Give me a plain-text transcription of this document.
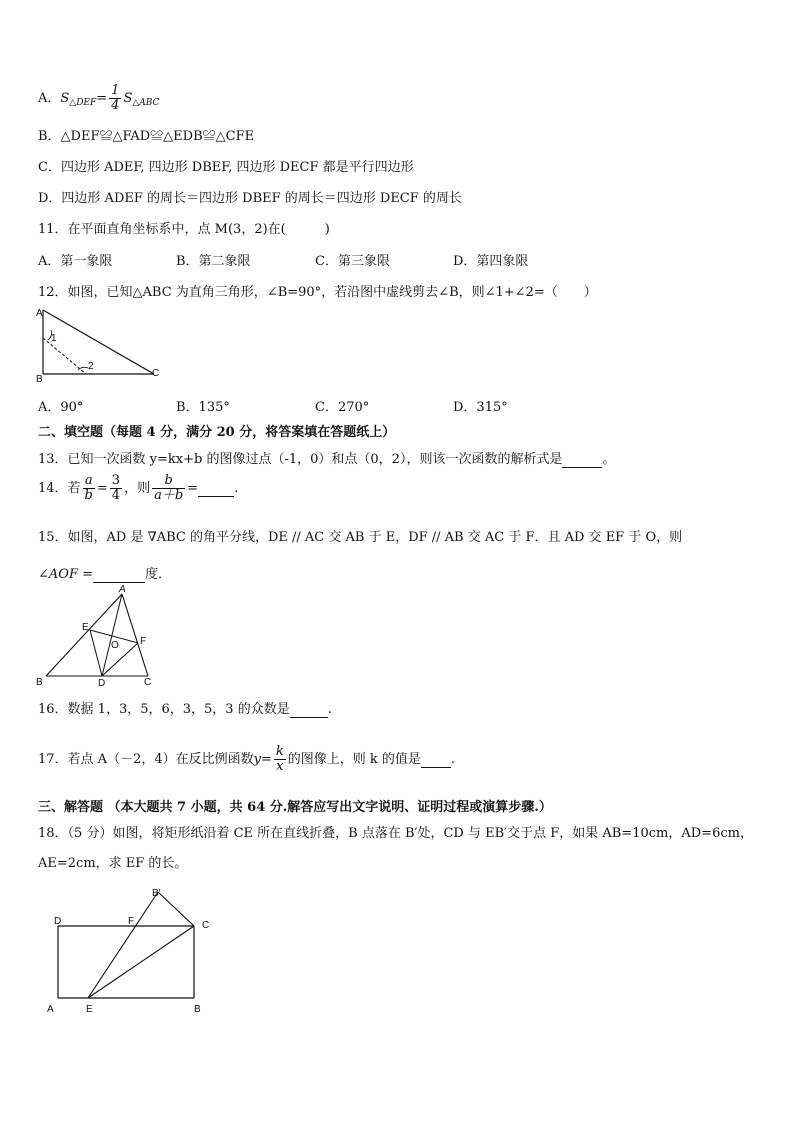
A．$S_{\triangle DEF}= \frac{1}{4} S_{\triangle ABC}$
B．△DEF≌△FAD≌△EDB≌△CFE
C．四边形 ADEF, 四边形 DBEF, 四边形 DECF 都是平行四边形
D．四边形 ADEF 的周长＝四边形 DBEF 的周长＝四边形 DECF 的周长
11．在平面直角坐标系中，点 M(3，2)在(　　　)
A．第一象限	B．第二象限	C．第三象限	D．第四象限
12．如图，已知△ABC 为直角三角形，∠B=90°，若沿图中虚线剪去∠B，则∠1+∠2=（　　）
A
B
C
1
2
A．90°	B．135°	C．270°	D．315°
二、填空题（每题 4 分，满分 20 分，将答案填在答题纸上）
13．已知一次函数 y=kx+b 的图像过点（-1，0）和点（0，2），则该一次函数的解析式是	。
14．若 $\frac{a}{b} = \frac{3}{4}$ ，则 $\frac{b}{a+b}$ =	.
15．如图，AD 是 ∇ABC 的角平分线，DE // AC 交 AB 于 E，DF // AB 交 AC 于 F．且 AD 交 EF 于 O，则
∠AOF =	度．
A
B	C
D
E
F
O
16．数据 1，3，5，6，3，5，3 的众数是	.
17．若点 A（－2，4）在反比例函数$y= \frac{k}{x}$ 的图像上，则 k 的值是 .
三、解答题 （本大题共 7 小题，共 64 分.解答应写出文字说明、证明过程或演算步骤.）
18．（5 分）如图，将矩形纸沿着 CE 所在直线折叠，B 点落在 B′处，CD 与 EB′交于点 F，如果 AB=10cm，AD=6cm，
AE=2cm，求 EF 的长。
A	B
C
D
E
F
B′
